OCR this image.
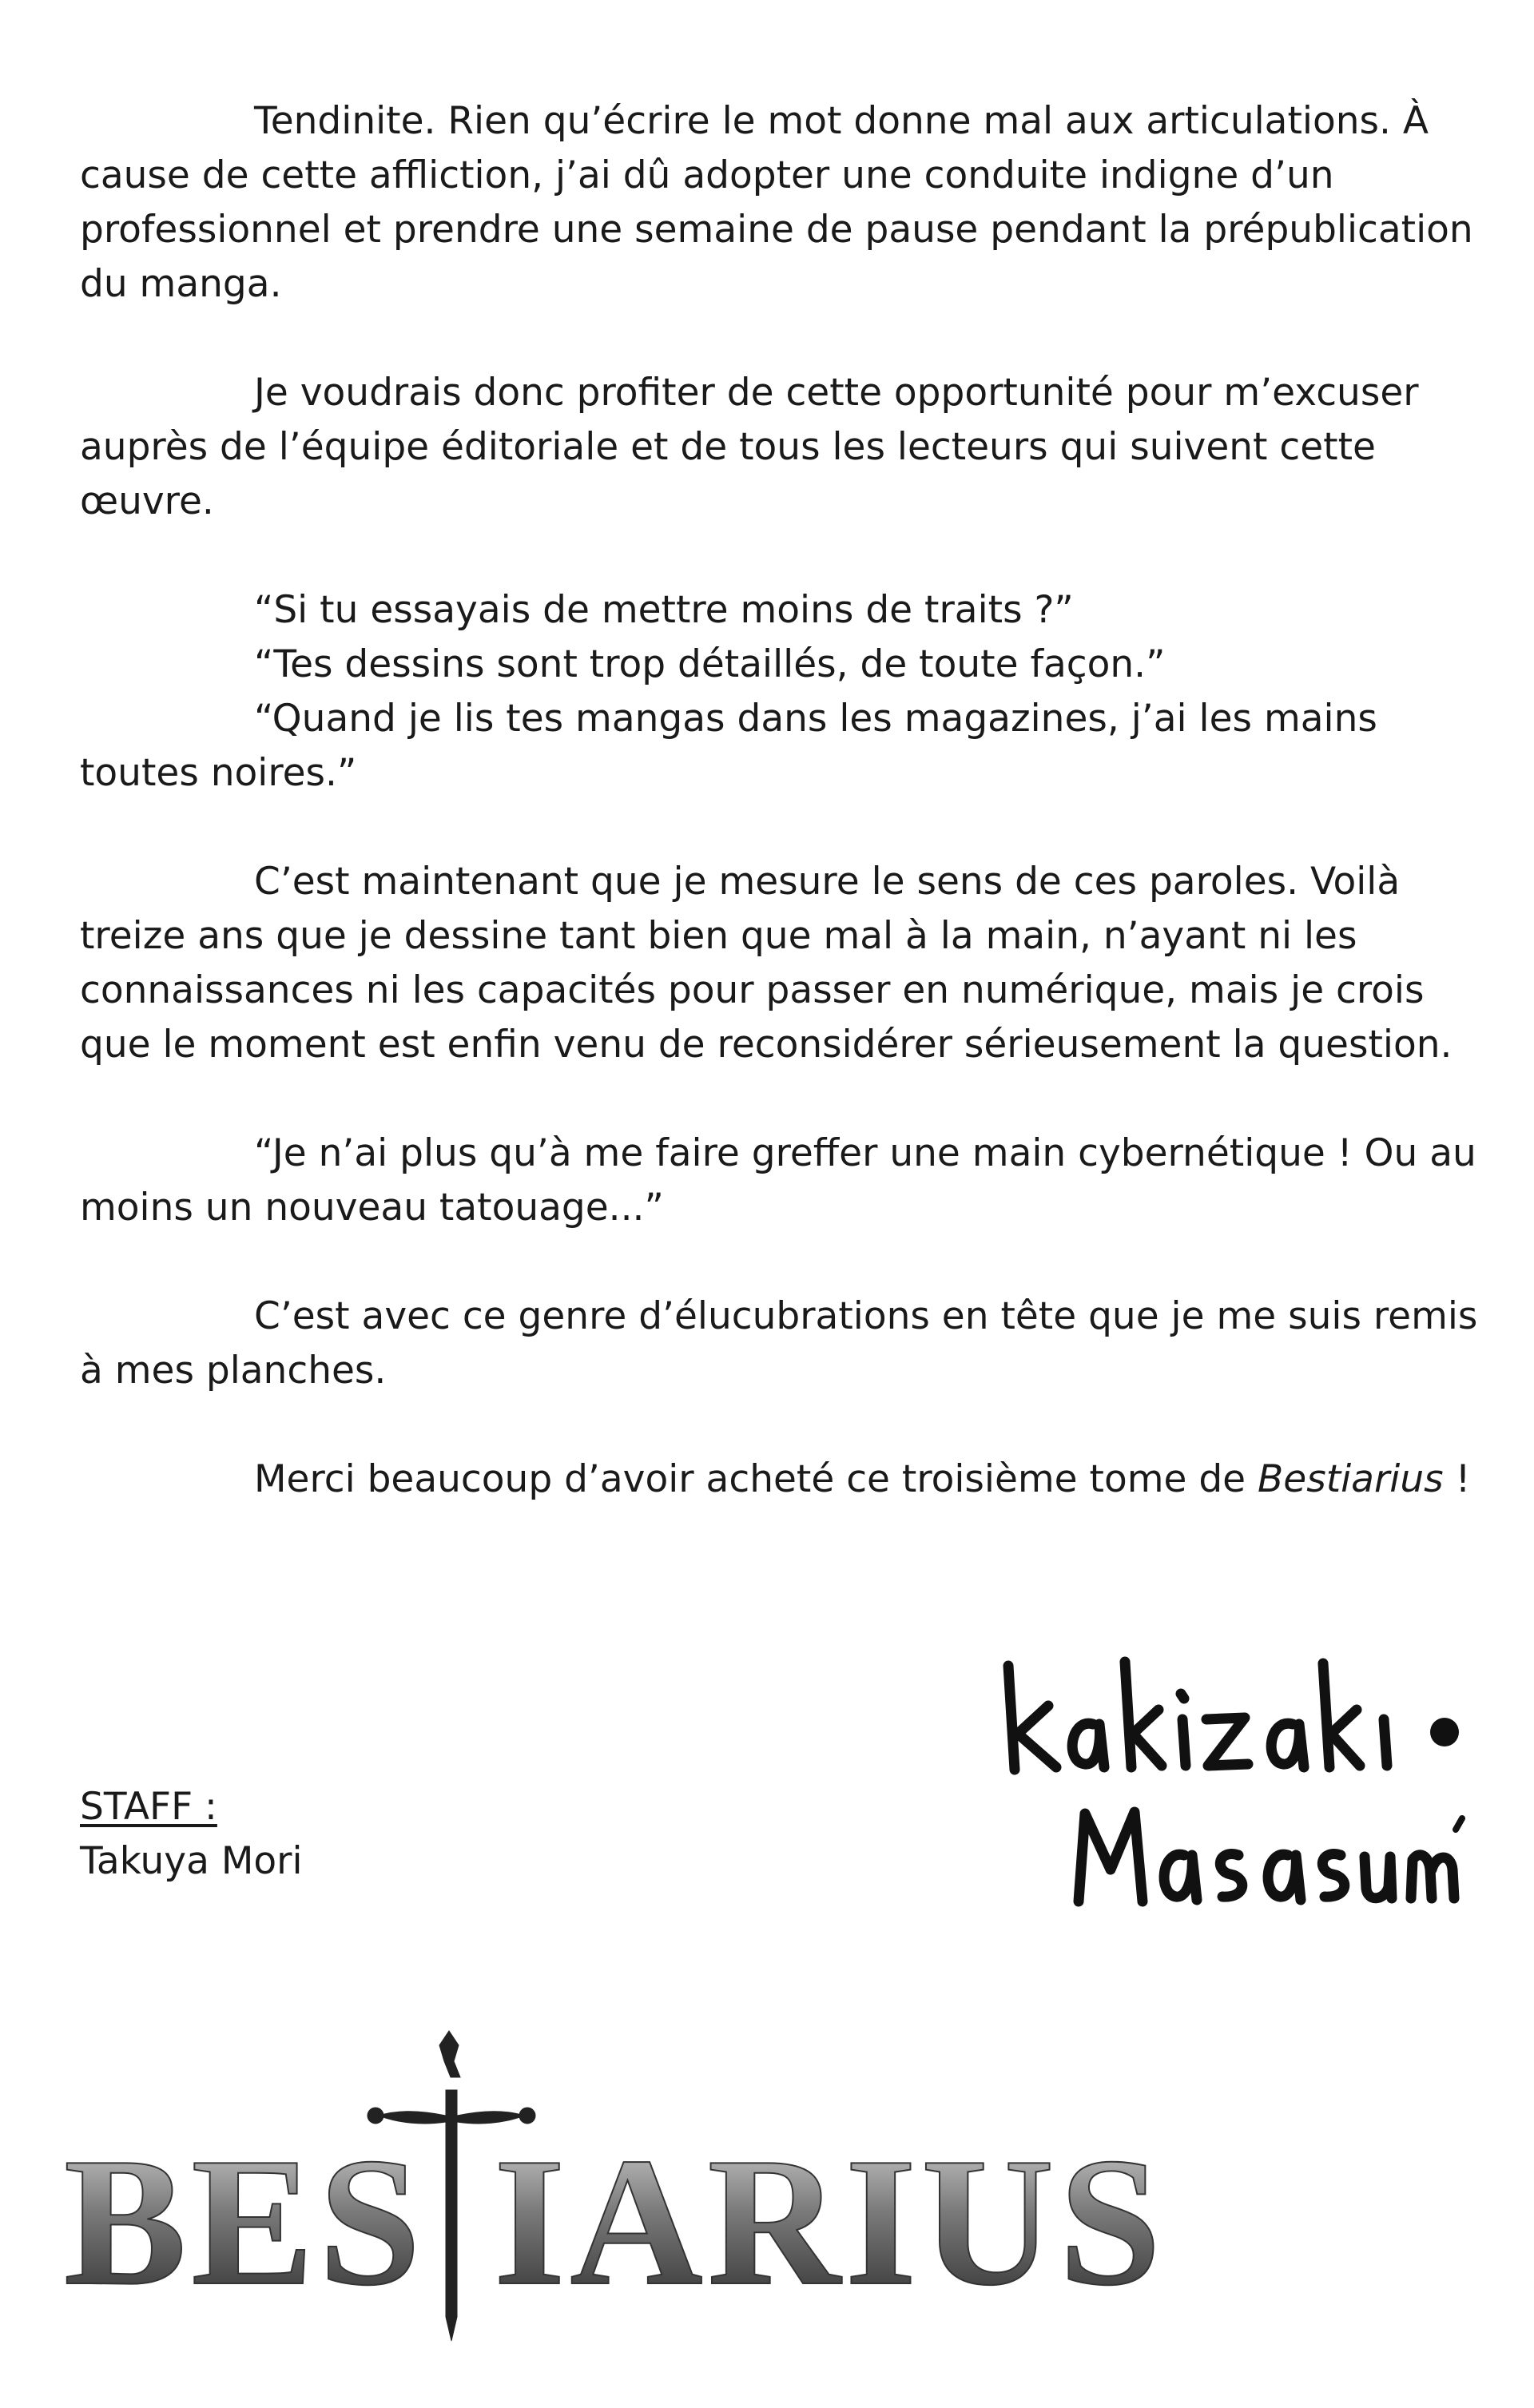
Tendinite. Rien qu’écrire le mot donne mal aux articulations. À cause de cette affliction, j’ai dû adopter une conduite indigne d’un professionnel et prendre une semaine de pause pendant la prépublication du manga.

Je voudrais donc profiter de cette opportunité pour m’excuser auprès de l’équipe éditoriale et de tous les lecteurs qui suivent cette œuvre.

“Si tu essayais de mettre moins de traits ?”
“Tes dessins sont trop détaillés, de toute façon.”
“Quand je lis tes mangas dans les magazines, j’ai les mains toutes noires.”

C’est maintenant que je mesure le sens de ces paroles. Voilà treize ans que je dessine tant bien que mal à la main, n’ayant ni les connaissances ni les capacités pour passer en numérique, mais je crois que le moment est enfin venu de reconsidérer sérieusement la question.

“Je n’ai plus qu’à me faire greffer une main cybernétique ! Ou au moins un nouveau tatouage...”

C’est avec ce genre d’élucubrations en tête que je me suis remis à mes planches.

Merci beaucoup d’avoir acheté ce troisième tome de Bestiarius !

STAFF :
Takuya Mori
BES IARIUS
